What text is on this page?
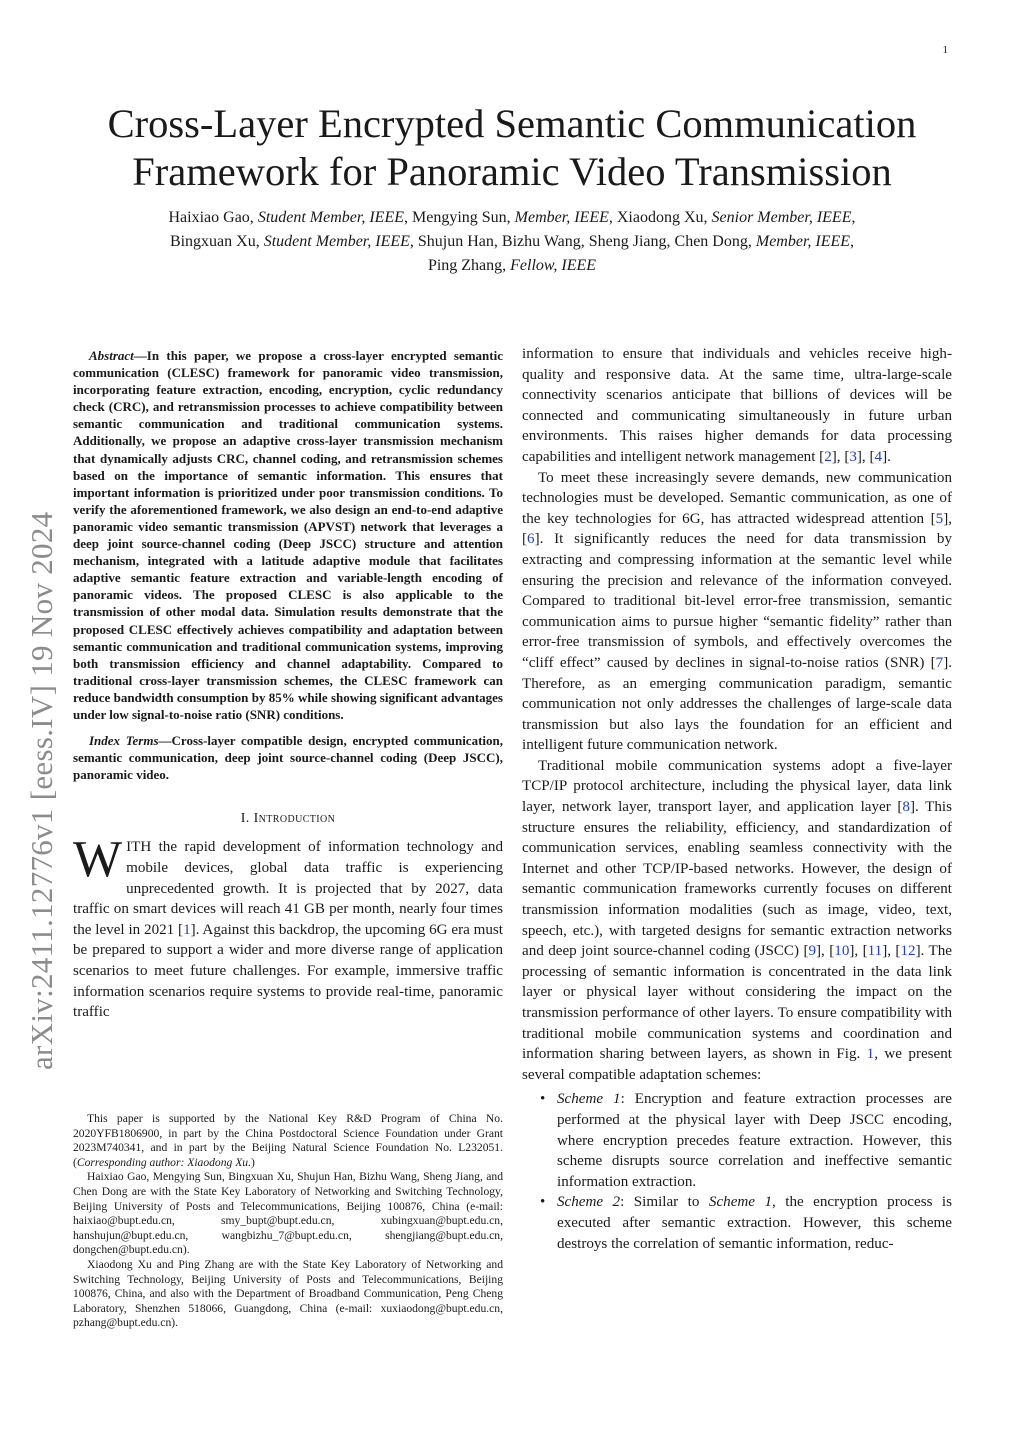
1
arXiv:2411.12776v1 [eess.IV] 19 Nov 2024
Cross-Layer Encrypted Semantic Communication
Framework for Panoramic Video Transmission
Haixiao Gao, Student Member, IEEE, Mengying Sun, Member, IEEE, Xiaodong Xu, Senior Member, IEEE,
Bingxuan Xu, Student Member, IEEE, Shujun Han, Bizhu Wang, Sheng Jiang, Chen Dong, Member, IEEE,
Ping Zhang, Fellow, IEEE

Abstract—In this paper, we propose a cross-layer encrypted semantic communication (CLESC) framework for panoramic video transmission, incorporating feature extraction, encoding, encryption, cyclic redundancy check (CRC), and retransmission processes to achieve compatibility between semantic communication and traditional communication systems. Additionally, we propose an adaptive cross-layer transmission mechanism that dynamically adjusts CRC, channel coding, and retransmission schemes based on the importance of semantic information. This ensures that important information is prioritized under poor transmission conditions. To verify the aforementioned framework, we also design an end-to-end adaptive panoramic video semantic transmission (APVST) network that leverages a deep joint source-channel coding (Deep JSCC) structure and attention mechanism, integrated with a latitude adaptive module that facilitates adaptive semantic feature extraction and variable-length encoding of panoramic videos. The proposed CLESC is also applicable to the transmission of other modal data. Simulation results demonstrate that the proposed CLESC effectively achieves compatibility and adaptation between semantic communication and traditional communication systems, improving both transmission efficiency and channel adaptability. Compared to traditional cross-layer transmission schemes, the CLESC framework can reduce bandwidth consumption by 85% while showing significant advantages under low signal-to-noise ratio (SNR) conditions.

Index Terms—Cross-layer compatible design, encrypted communication, semantic communication, deep joint source-channel coding (Deep JSCC), panoramic video.

I. Introduction

WITH the rapid development of information technology and mobile devices, global data traffic is experiencing unprecedented growth. It is projected that by 2027, data traffic on smart devices will reach 41 GB per month, nearly four times the level in 2021 [1]. Against this backdrop, the upcoming 6G era must be prepared to support a wider and more diverse range of application scenarios to meet future challenges. For example, immersive traffic information scenarios require systems to provide real-time, panoramic traffic

This paper is supported by the National Key R&D Program of China No. 2020YFB1806900, in part by the China Postdoctoral Science Foundation under Grant 2023M740341, and in part by the Beijing Natural Science Foundation No. L232051. (Corresponding author: Xiaodong Xu.)

Haixiao Gao, Mengying Sun, Bingxuan Xu, Shujun Han, Bizhu Wang, Sheng Jiang, and Chen Dong are with the State Key Laboratory of Networking and Switching Technology, Beijing University of Posts and Telecommunications, Beijing 100876, China (e-mail: haixiao@bupt.edu.cn, smy_bupt@bupt.edu.cn, xubingxuan@bupt.edu.cn, hanshujun@bupt.edu.cn, wangbizhu_7@bupt.edu.cn, shengjiang@bupt.edu.cn, dongchen@bupt.edu.cn).

Xiaodong Xu and Ping Zhang are with the State Key Laboratory of Networking and Switching Technology, Beijing University of Posts and Telecommunications, Beijing 100876, China, and also with the Department of Broadband Communication, Peng Cheng Laboratory, Shenzhen 518066, Guangdong, China (e-mail: xuxiaodong@bupt.edu.cn, pzhang@bupt.edu.cn).

information to ensure that individuals and vehicles receive high-quality and responsive data. At the same time, ultra-large-scale connectivity scenarios anticipate that billions of devices will be connected and communicating simultaneously in future urban environments. This raises higher demands for data processing capabilities and intelligent network management [2], [3], [4].

To meet these increasingly severe demands, new communication technologies must be developed. Semantic communication, as one of the key technologies for 6G, has attracted widespread attention [5], [6]. It significantly reduces the need for data transmission by extracting and compressing information at the semantic level while ensuring the precision and relevance of the information conveyed. Compared to traditional bit-level error-free transmission, semantic communication aims to pursue higher “semantic fidelity” rather than error-free transmission of symbols, and effectively overcomes the “cliff effect” caused by declines in signal-to-noise ratios (SNR) [7]. Therefore, as an emerging communication paradigm, semantic communication not only addresses the challenges of large-scale data transmission but also lays the foundation for an efficient and intelligent future communication network.

Traditional mobile communication systems adopt a five-layer TCP/IP protocol architecture, including the physical layer, data link layer, network layer, transport layer, and application layer [8]. This structure ensures the reliability, efficiency, and standardization of communication services, enabling seamless connectivity with the Internet and other TCP/IP-based networks. However, the design of semantic communication frameworks currently focuses on different transmission information modalities (such as image, video, text, speech, etc.), with targeted designs for semantic extraction networks and deep joint source-channel coding (JSCC) [9], [10], [11], [12]. The processing of semantic information is concentrated in the data link layer or physical layer without considering the impact on the transmission performance of other layers. To ensure compatibility with traditional mobile communication systems and coordination and information sharing between layers, as shown in Fig. 1, we present several compatible adaptation schemes:

• Scheme 1: Encryption and feature extraction processes are performed at the physical layer with Deep JSCC encoding, where encryption precedes feature extraction. However, this scheme disrupts source correlation and ineffective semantic information extraction.
• Scheme 2: Similar to Scheme 1, the encryption process is executed after semantic extraction. However, this scheme destroys the correlation of semantic information, reduc-
